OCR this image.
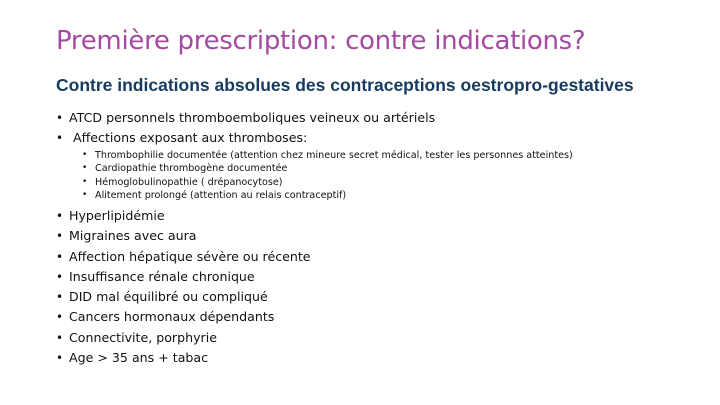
Première prescription: contre indications?
Contre indications absolues des contraceptions oestropro-gestatives
• ATCD personnels thromboemboliques veineux ou artériels
•  Affections exposant aux thromboses:
• Thrombophilie documentée (attention chez mineure secret médical, tester les personnes atteintes)
• Cardiopathie thrombogène documentée
• Hémoglobulinopathie ( drépanocytose)
• Alitement prolongé (attention au relais contraceptif)
• Hyperlipidémie
• Migraines avec aura
• Affection hépatique sévère ou récente
• Insuffisance rénale chronique
• DID mal équilibré ou compliqué
• Cancers hormonaux dépendants
• Connectivite, porphyrie
• Age > 35 ans + tabac
